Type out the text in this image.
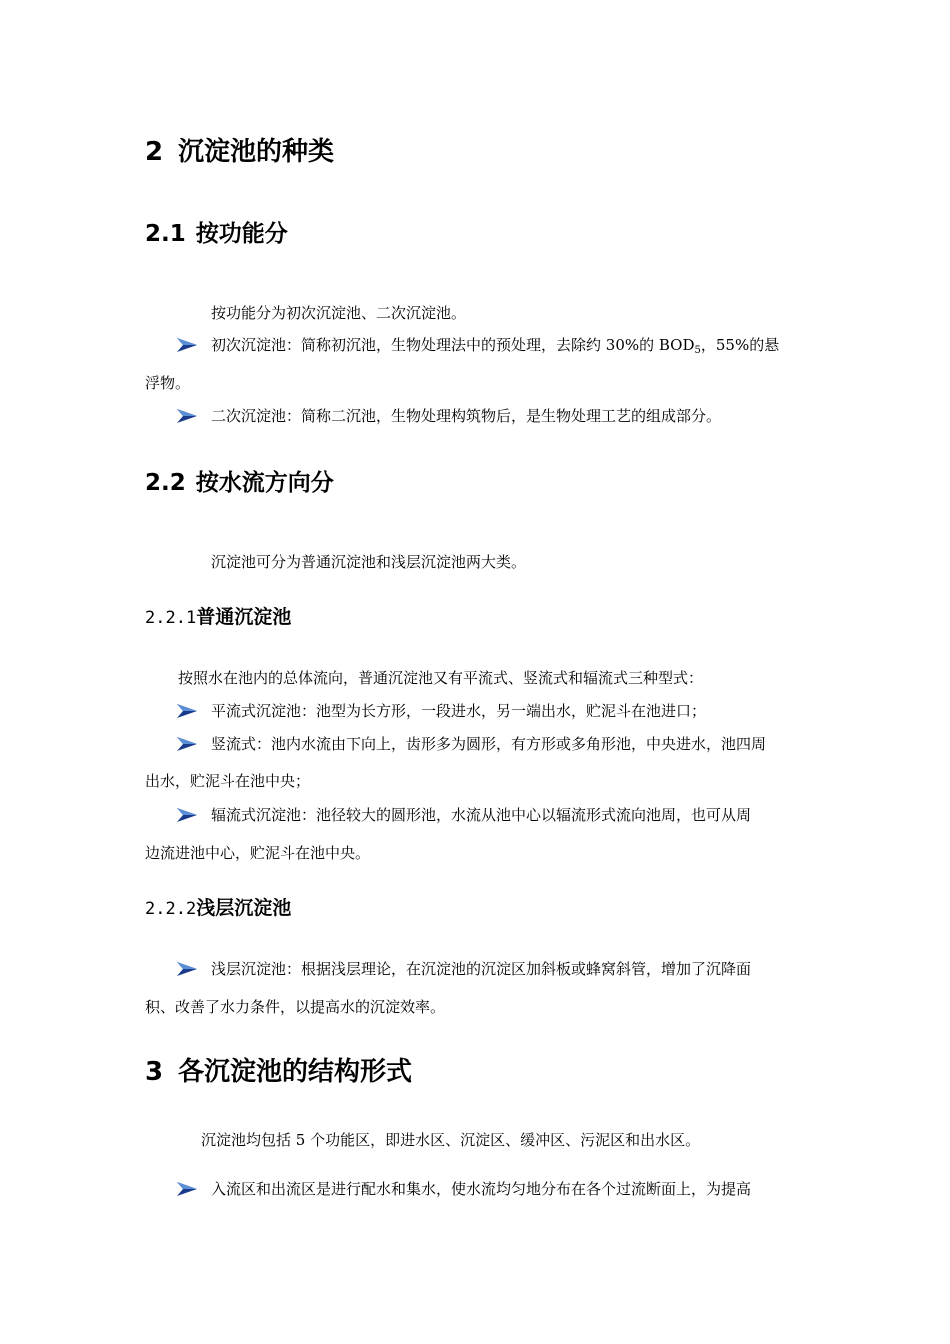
2 沉淀池的种类
2.1 按功能分
按功能分为初次沉淀池、二次沉淀池。
初次沉淀池：简称初沉池，生物处理法中的预处理，去除约 30%的 $BOD_5$，55%的悬
浮物。
二次沉淀池：简称二沉池，生物处理构筑物后，是生物处理工艺的组成部分。
2.2 按水流方向分
沉淀池可分为普通沉淀池和浅层沉淀池两大类。
2.2.1普通沉淀池
按照水在池内的总体流向，普通沉淀池又有平流式、竖流式和辐流式三种型式：
平流式沉淀池：池型为长方形，一段进水，另一端出水，贮泥斗在池进口；
竖流式：池内水流由下向上，齿形多为圆形，有方形或多角形池，中央进水，池四周
出水，贮泥斗在池中央；
辐流式沉淀池：池径较大的圆形池，水流从池中心以辐流形式流向池周，也可从周
边流进池中心，贮泥斗在池中央。
2.2.2浅层沉淀池
浅层沉淀池：根据浅层理论，在沉淀池的沉淀区加斜板或蜂窝斜管，增加了沉降面
积、改善了水力条件，以提高水的沉淀效率。
3 各沉淀池的结构形式
沉淀池均包括 5 个功能区，即进水区、沉淀区、缓冲区、污泥区和出水区。
入流区和出流区是进行配水和集水，使水流均匀地分布在各个过流断面上，为提高
